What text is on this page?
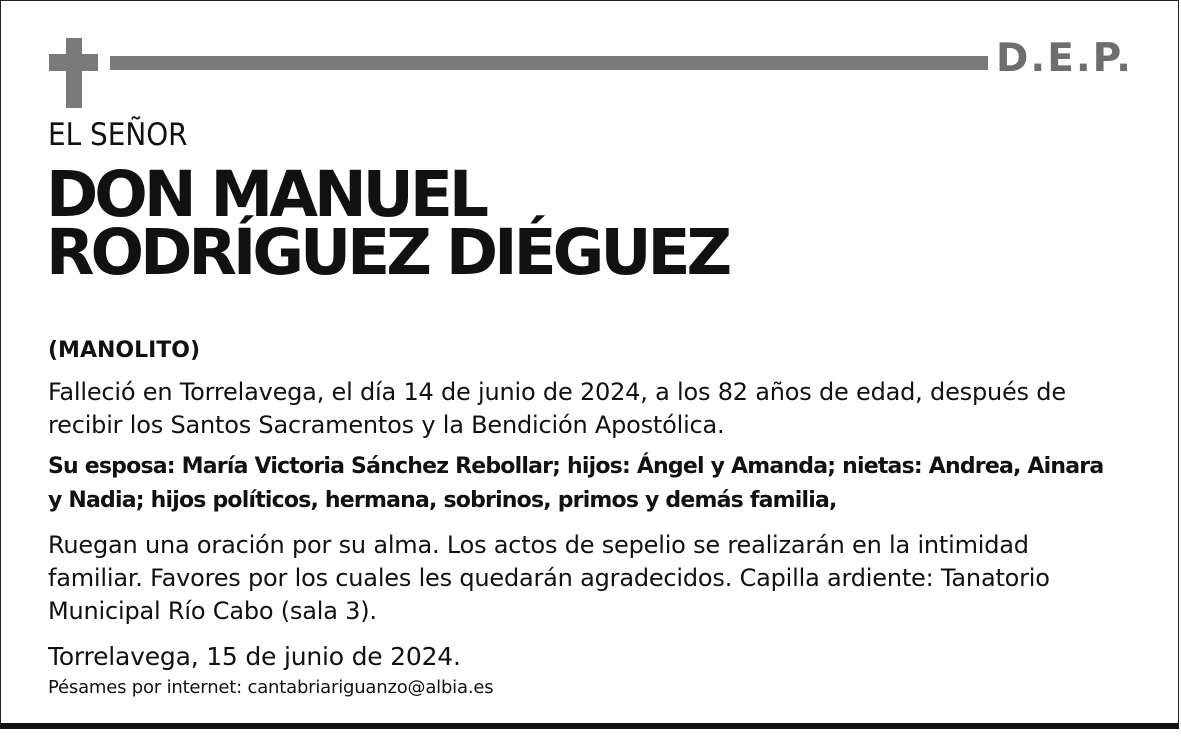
D.E.P.
EL SEÑOR
DON MANUEL
RODRÍGUEZ DIÉGUEZ
(MANOLITO)
Falleció en Torrelavega, el día 14 de junio de 2024, a los 82 años de edad, después de
recibir los Santos Sacramentos y la Bendición Apostólica.
Su esposa: María Victoria Sánchez Rebollar; hijos: Ángel y Amanda; nietas: Andrea, Ainara
y Nadia; hijos políticos, hermana, sobrinos, primos y demás familia,
Ruegan una oración por su alma. Los actos de sepelio se realizarán en la intimidad
familiar. Favores por los cuales les quedarán agradecidos. Capilla ardiente: Tanatorio
Municipal Río Cabo (sala 3).
Torrelavega, 15 de junio de 2024.
Pésames por internet: cantabriariguanzo@albia.es
